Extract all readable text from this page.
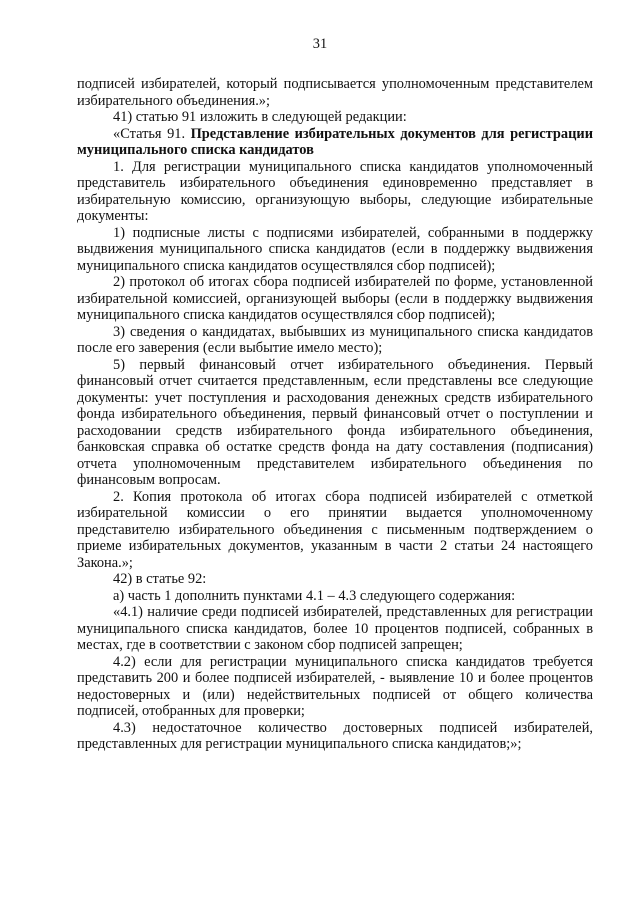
31

подписей избирателей, который подписывается уполномоченным представителем избирательного объединения.»;

41) статью 91 изложить в следующей редакции:

«Статья 91. Представление избирательных документов для регистрации муниципального списка кандидатов

1. Для регистрации муниципального списка кандидатов уполномоченный представитель избирательного объединения единовременно представляет в избирательную комиссию, организующую выборы, следующие избирательные документы:

1) подписные листы с подписями избирателей, собранными в поддержку выдвижения муниципального списка кандидатов (если в поддержку выдвижения муниципального списка кандидатов осуществлялся сбор подписей);

2) протокол об итогах сбора подписей избирателей по форме, установленной избирательной комиссией, организующей выборы (если в поддержку выдвижения муниципального списка кандидатов осуществлялся сбор подписей);

3) сведения о кандидатах, выбывших из муниципального списка кандидатов после его заверения (если выбытие имело место);

5) первый финансовый отчет избирательного объединения. Первый финансовый отчет считается представленным, если представлены все следующие документы: учет поступления и расходования денежных средств избирательного фонда избирательного объединения, первый финансовый отчет о поступлении и расходовании средств избирательного фонда избирательного объединения, банковская справка об остатке средств фонда на дату составления (подписания) отчета уполномоченным представителем избирательного объединения по финансовым вопросам.

2. Копия протокола об итогах сбора подписей избирателей с отметкой избирательной комиссии о его принятии выдается уполномоченному представителю избирательного объединения с письменным подтверждением о приеме избирательных документов, указанным в части 2 статьи 24 настоящего Закона.»;

42) в статье 92:

а) часть 1 дополнить пунктами 4.1 – 4.3 следующего содержания:

«4.1) наличие среди подписей избирателей, представленных для регистрации муниципального списка кандидатов, более 10 процентов подписей, собранных в местах, где в соответствии с законом сбор подписей запрещен;

4.2) если для регистрации муниципального списка кандидатов требуется представить 200 и более подписей избирателей, - выявление 10 и более процентов недостоверных и (или) недействительных подписей от общего количества подписей, отобранных для проверки;

4.3) недостаточное количество достоверных подписей избирателей, представленных для регистрации муниципального списка кандидатов;»;
